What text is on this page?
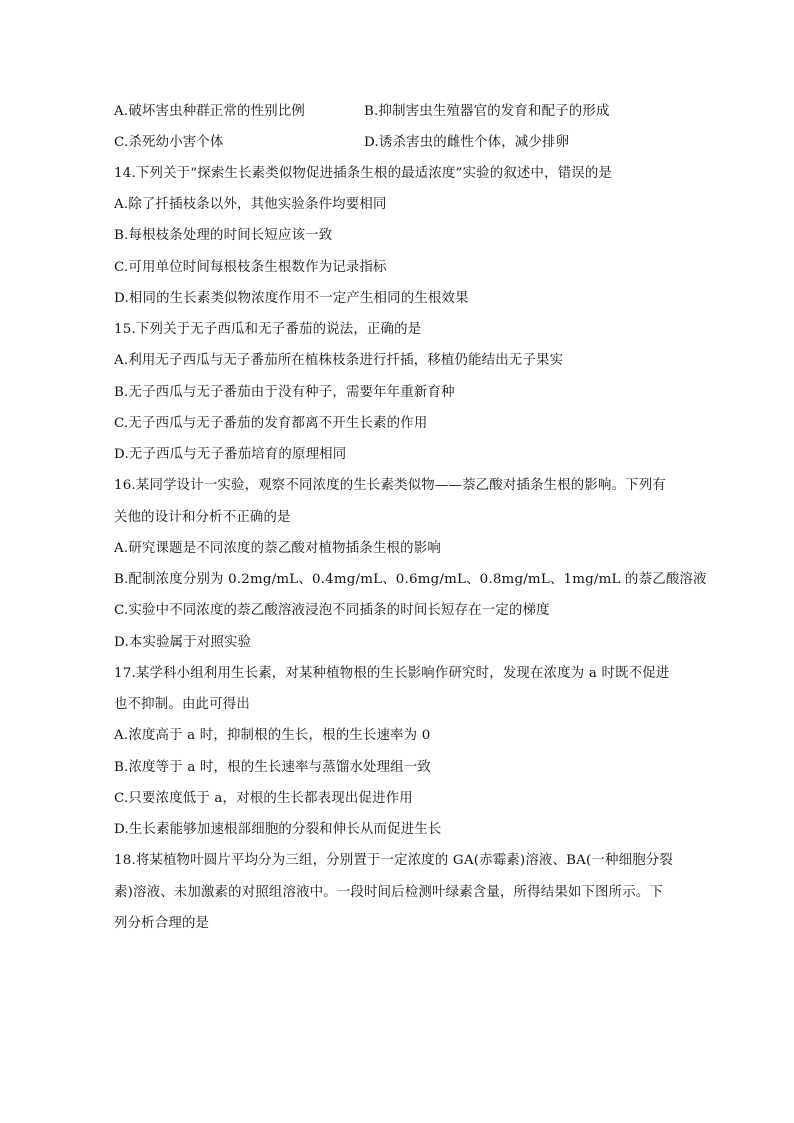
A.破坏害虫种群正常的性别比例	B.抑制害虫生殖器官的发育和配子的形成
C.杀死幼小害个体	D.诱杀害虫的雌性个体，减少排卵
14.下列关于“探索生长素类似物促进插条生根的最适浓度”实验的叙述中，错误的是
A.除了扦插枝条以外，其他实验条件均要相同
B.每根枝条处理的时间长短应该一致
C.可用单位时间每根枝条生根数作为记录指标
D.相同的生长素类似物浓度作用不一定产生相同的生根效果
15.下列关于无子西瓜和无子番茄的说法，正确的是
A.利用无子西瓜与无子番茄所在植株枝条进行扦插，移植仍能结出无子果实
B.无子西瓜与无子番茄由于没有种子，需要年年重新育种
C.无子西瓜与无子番茄的发育都离不开生长素的作用
D.无子西瓜与无子番茄培育的原理相同
16.某同学设计一实验，观察不同浓度的生长素类似物——萘乙酸对插条生根的影响。下列有
关他的设计和分析不正确的是
A.研究课题是不同浓度的萘乙酸对植物插条生根的影响
B.配制浓度分别为 0.2mg/mL、0.4mg/mL、0.6mg/mL、0.8mg/mL、1mg/mL 的萘乙酸溶液
C.实验中不同浓度的萘乙酸溶液浸泡不同插条的时间长短存在一定的梯度
D.本实验属于对照实验
17.某学科小组利用生长素，对某种植物根的生长影响作研究时，发现在浓度为 a 时既不促进
也不抑制。由此可得出
A.浓度高于 a 时，抑制根的生长，根的生长速率为 0
B.浓度等于 a 时，根的生长速率与蒸馏水处理组一致
C.只要浓度低于 a，对根的生长都表现出促进作用
D.生长素能够加速根部细胞的分裂和伸长从而促进生长
18.将某植物叶圆片平均分为三组，分别置于一定浓度的 GA(赤霉素)溶液、BA(一种细胞分裂
素)溶液、未加激素的对照组溶液中。一段时间后检测叶绿素含量，所得结果如下图所示。下
列分析合理的是
